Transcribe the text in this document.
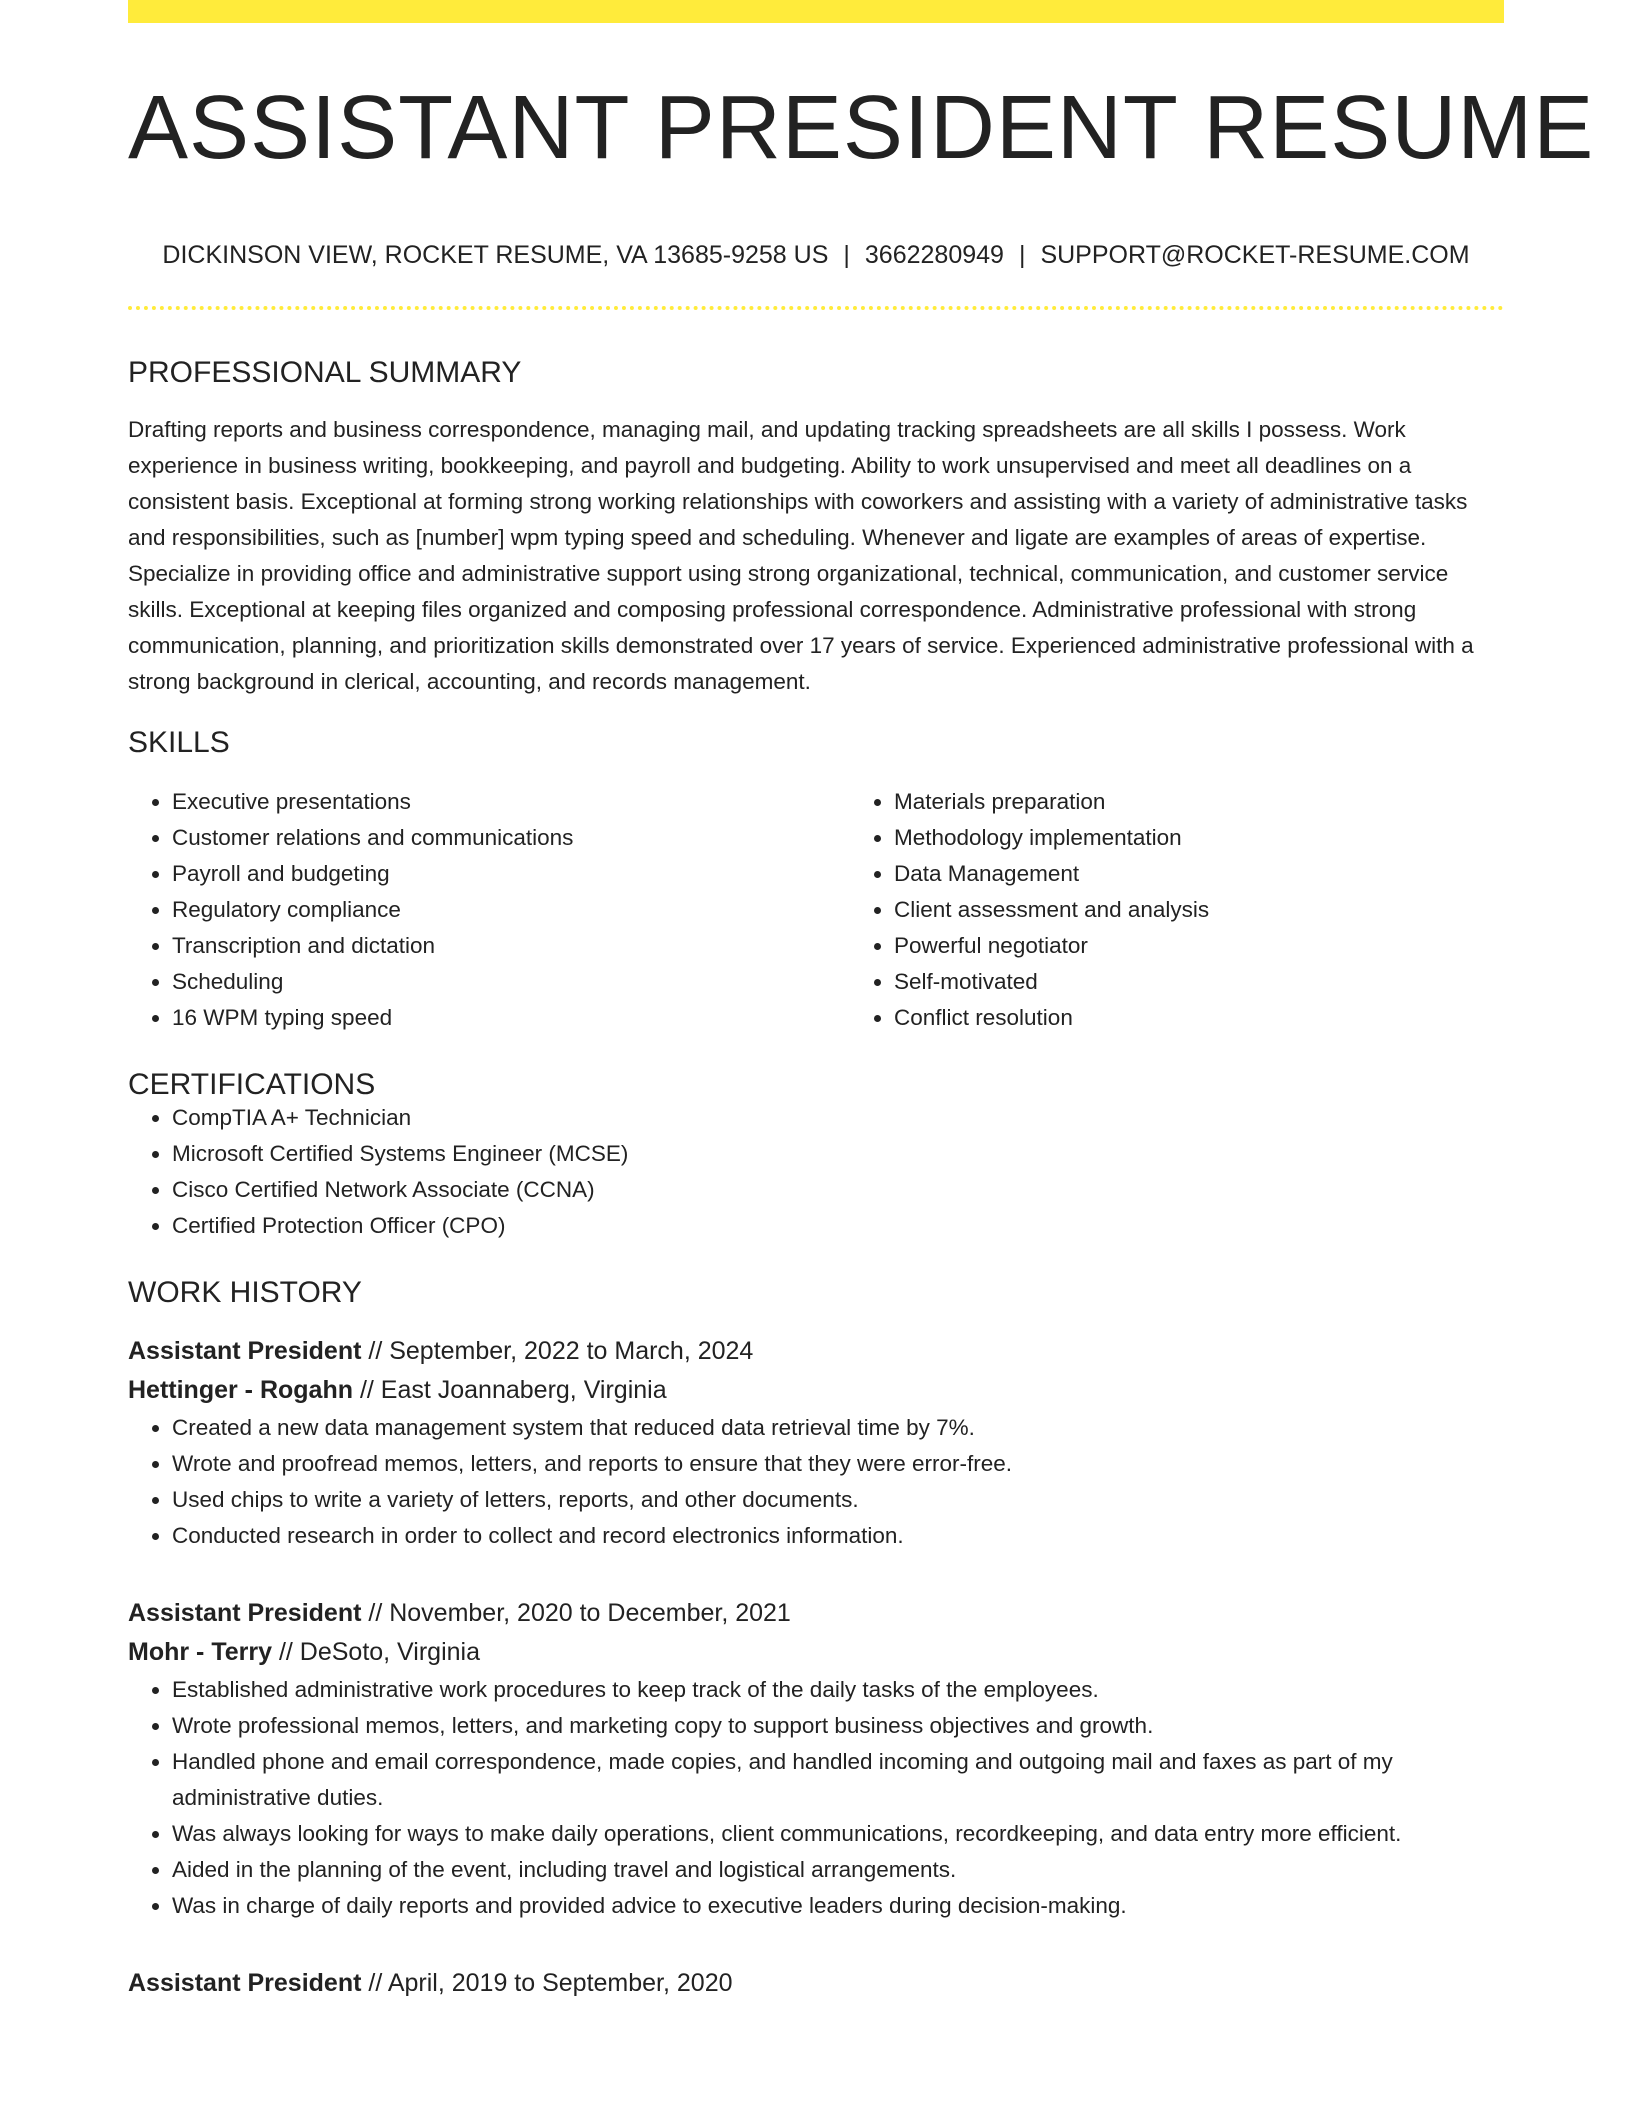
ASSISTANT PRESIDENT RESUME
DICKINSON VIEW, ROCKET RESUME, VA 13685-9258 US | 3662280949 | SUPPORT@ROCKET-RESUME.COM
PROFESSIONAL SUMMARY
Drafting reports and business correspondence, managing mail, and updating tracking spreadsheets are all skills I possess. Work experience in business writing, bookkeeping, and payroll and budgeting. Ability to work unsupervised and meet all deadlines on a consistent basis. Exceptional at forming strong working relationships with coworkers and assisting with a variety of administrative tasks and responsibilities, such as [number] wpm typing speed and scheduling. Whenever and ligate are examples of areas of expertise. Specialize in providing office and administrative support using strong organizational, technical, communication, and customer service skills. Exceptional at keeping files organized and composing professional correspondence. Administrative professional with strong communication, planning, and prioritization skills demonstrated over 17 years of service. Experienced administrative professional with a strong background in clerical, accounting, and records management.
SKILLS
• Executive presentations
• Customer relations and communications
• Payroll and budgeting
• Regulatory compliance
• Transcription and dictation
• Scheduling
• 16 WPM typing speed
• Materials preparation
• Methodology implementation
• Data Management
• Client assessment and analysis
• Powerful negotiator
• Self-motivated
• Conflict resolution
CERTIFICATIONS
• CompTIA A+ Technician
• Microsoft Certified Systems Engineer (MCSE)
• Cisco Certified Network Associate (CCNA)
• Certified Protection Officer (CPO)
WORK HISTORY
Assistant President // September, 2022 to March, 2024
Hettinger - Rogahn // East Joannaberg, Virginia
• Created a new data management system that reduced data retrieval time by 7%.
• Wrote and proofread memos, letters, and reports to ensure that they were error-free.
• Used chips to write a variety of letters, reports, and other documents.
• Conducted research in order to collect and record electronics information.
Assistant President // November, 2020 to December, 2021
Mohr - Terry // DeSoto, Virginia
• Established administrative work procedures to keep track of the daily tasks of the employees.
• Wrote professional memos, letters, and marketing copy to support business objectives and growth.
• Handled phone and email correspondence, made copies, and handled incoming and outgoing mail and faxes as part of my administrative duties.
• Was always looking for ways to make daily operations, client communications, recordkeeping, and data entry more efficient.
• Aided in the planning of the event, including travel and logistical arrangements.
• Was in charge of daily reports and provided advice to executive leaders during decision-making.
Assistant President // April, 2019 to September, 2020
